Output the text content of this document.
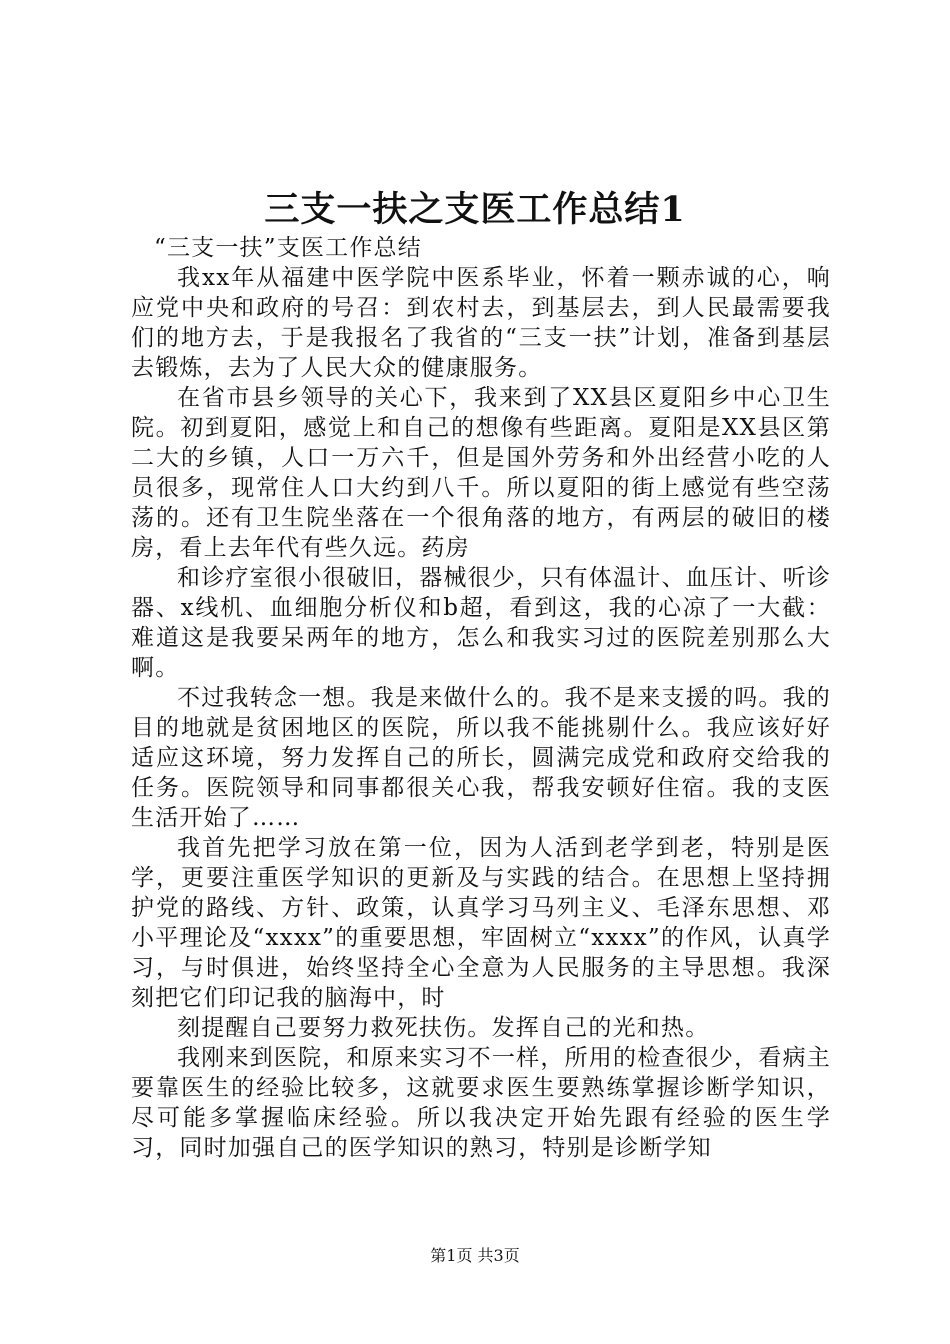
三支一扶之支医工作总结1

“三支一扶”支医工作总结

我xx年从福建中医学院中医系毕业，怀着一颗赤诚的心，响应党中央和政府的号召：到农村去，到基层去，到人民最需要我们的地方去，于是我报名了我省的“三支一扶”计划，准备到基层去锻炼，去为了人民大众的健康服务。

在省市县乡领导的关心下，我来到了XX县区夏阳乡中心卫生院。初到夏阳，感觉上和自己的想像有些距离。夏阳是XX县区第二大的乡镇，人口一万六千，但是国外劳务和外出经营小吃的人员很多，现常住人口大约到八千。所以夏阳的街上感觉有些空荡荡的。还有卫生院坐落在一个很角落的地方，有两层的破旧的楼房，看上去年代有些久远。药房

和诊疗室很小很破旧，器械很少，只有体温计、血压计、听诊器、x线机、血细胞分析仪和b超，看到这，我的心凉了一大截：难道这是我要呆两年的地方，怎么和我实习过的医院差别那么大啊。

不过我转念一想。我是来做什么的。我不是来支援的吗。我的目的地就是贫困地区的医院，所以我不能挑剔什么。我应该好好适应这环境，努力发挥自己的所长，圆满完成党和政府交给我的任务。医院领导和同事都很关心我，帮我安顿好住宿。我的支医生活开始了……

我首先把学习放在第一位，因为人活到老学到老，特别是医学，更要注重医学知识的更新及与实践的结合。在思想上坚持拥护党的路线、方针、政策，认真学习马列主义、毛泽东思想、邓小平理论及“xxxx”的重要思想，牢固树立“xxxx”的作风，认真学习，与时俱进，始终坚持全心全意为人民服务的主导思想。我深刻把它们印记我的脑海中，时

刻提醒自己要努力救死扶伤。发挥自己的光和热。

我刚来到医院，和原来实习不一样，所用的检查很少，看病主要靠医生的经验比较多，这就要求医生要熟练掌握诊断学知识，尽可能多掌握临床经验。所以我决定开始先跟有经验的医生学习，同时加强自己的医学知识的熟习，特别是诊断学知

第1页 共3页
